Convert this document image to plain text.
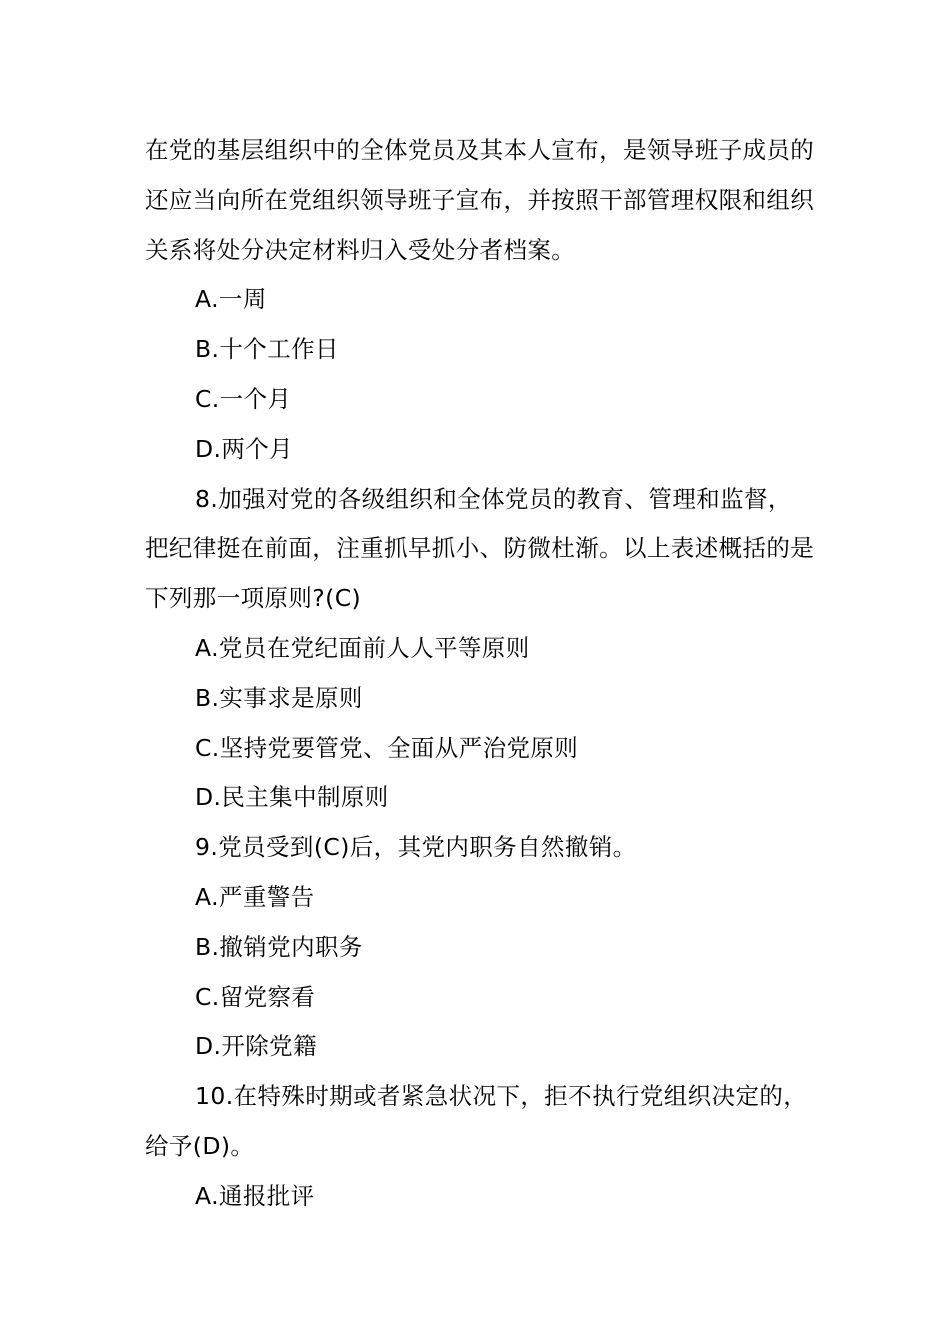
在党的基层组织中的全体党员及其本人宣布，是领导班子成员的还应当向所在党组织领导班子宣布，并按照干部管理权限和组织关系将处分决定材料归入受处分者档案。

A.一周

B.十个工作日

C.一个月

D.两个月

8.加强对党的各级组织和全体党员的教育、管理和监督，把纪律挺在前面，注重抓早抓小、防微杜渐。以上表述概括的是下列那一项原则?(C)

A.党员在党纪面前人人平等原则

B.实事求是原则

C.坚持党要管党、全面从严治党原则

D.民主集中制原则

9.党员受到(C)后，其党内职务自然撤销。

A.严重警告

B.撤销党内职务

C.留党察看

D.开除党籍

10.在特殊时期或者紧急状况下，拒不执行党组织决定的，给予(D)。

A.通报批评
